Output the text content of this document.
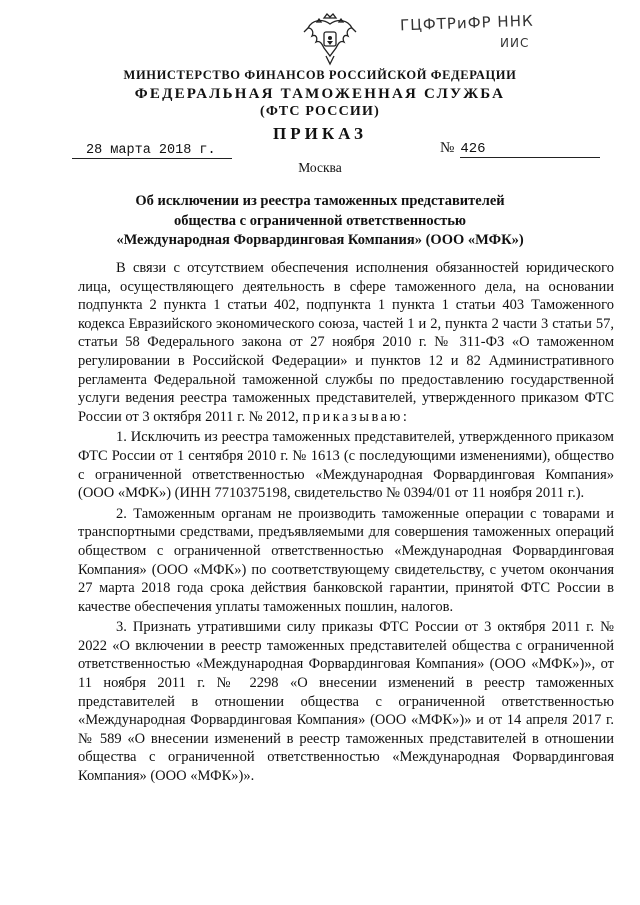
ГЦФТРиФР ННК
ИИС
МИНИСТЕРСТВО ФИНАНСОВ РОССИЙСКОЙ ФЕДЕРАЦИИ
ФЕДЕРАЛЬНАЯ ТАМОЖЕННАЯ СЛУЖБА
(ФТС РОССИИ)
ПРИКАЗ
28 марта 2018 г.	№ 426
Москва
Об исключении из реестра таможенных представителей
общества с ограниченной ответственностью
«Международная Форвардинговая Компания» (ООО «МФК»)

В связи с отсутствием обеспечения исполнения обязанностей юридического лица, осуществляющего деятельность в сфере таможенного дела, на основании подпункта 2 пункта 1 статьи 402, подпункта 1 пункта 1 статьи 403 Таможенного кодекса Евразийского экономического союза, частей 1 и 2, пункта 2 части 3 статьи 57, статьи 58 Федерального закона от 27 ноября 2010 г. № 311-ФЗ «О таможенном регулировании в Российской Федерации» и пунктов 12 и 82 Административного регламента Федеральной таможенной службы по предоставлению государственной услуги ведения реестра таможенных представителей, утвержденного приказом ФТС России от 3 октября 2011 г. № 2012, приказываю:

1. Исключить из реестра таможенных представителей, утвержденного приказом ФТС России от 1 сентября 2010 г. № 1613 (с последующими изменениями), общество с ограниченной ответственностью «Международная Форвардинговая Компания» (ООО «МФК») (ИНН 7710375198, свидетельство № 0394/01 от 11 ноября 2011 г.).

2. Таможенным органам не производить таможенные операции с товарами и транспортными средствами, предъявляемыми для совершения таможенных операций обществом с ограниченной ответственностью «Международная Форвардинговая Компания» (ООО «МФК») по соответствующему свидетельству, с учетом окончания 27 марта 2018 года срока действия банковской гарантии, принятой ФТС России в качестве обеспечения уплаты таможенных пошлин, налогов.

3. Признать утратившими силу приказы ФТС России от 3 октября 2011 г. № 2022 «О включении в реестр таможенных представителей общества с ограниченной ответственностью «Международная Форвардинговая Компания» (ООО «МФК»)», от 11 ноября 2011 г. № 2298 «О внесении изменений в реестр таможенных представителей в отношении общества с ограниченной ответственностью «Международная Форвардинговая Компания» (ООО «МФК»)» и от 14 апреля 2017 г. № 589 «О внесении изменений в реестр таможенных представителей в отношении общества с ограниченной ответственностью «Международная Форвардинговая Компания» (ООО «МФК»)».
